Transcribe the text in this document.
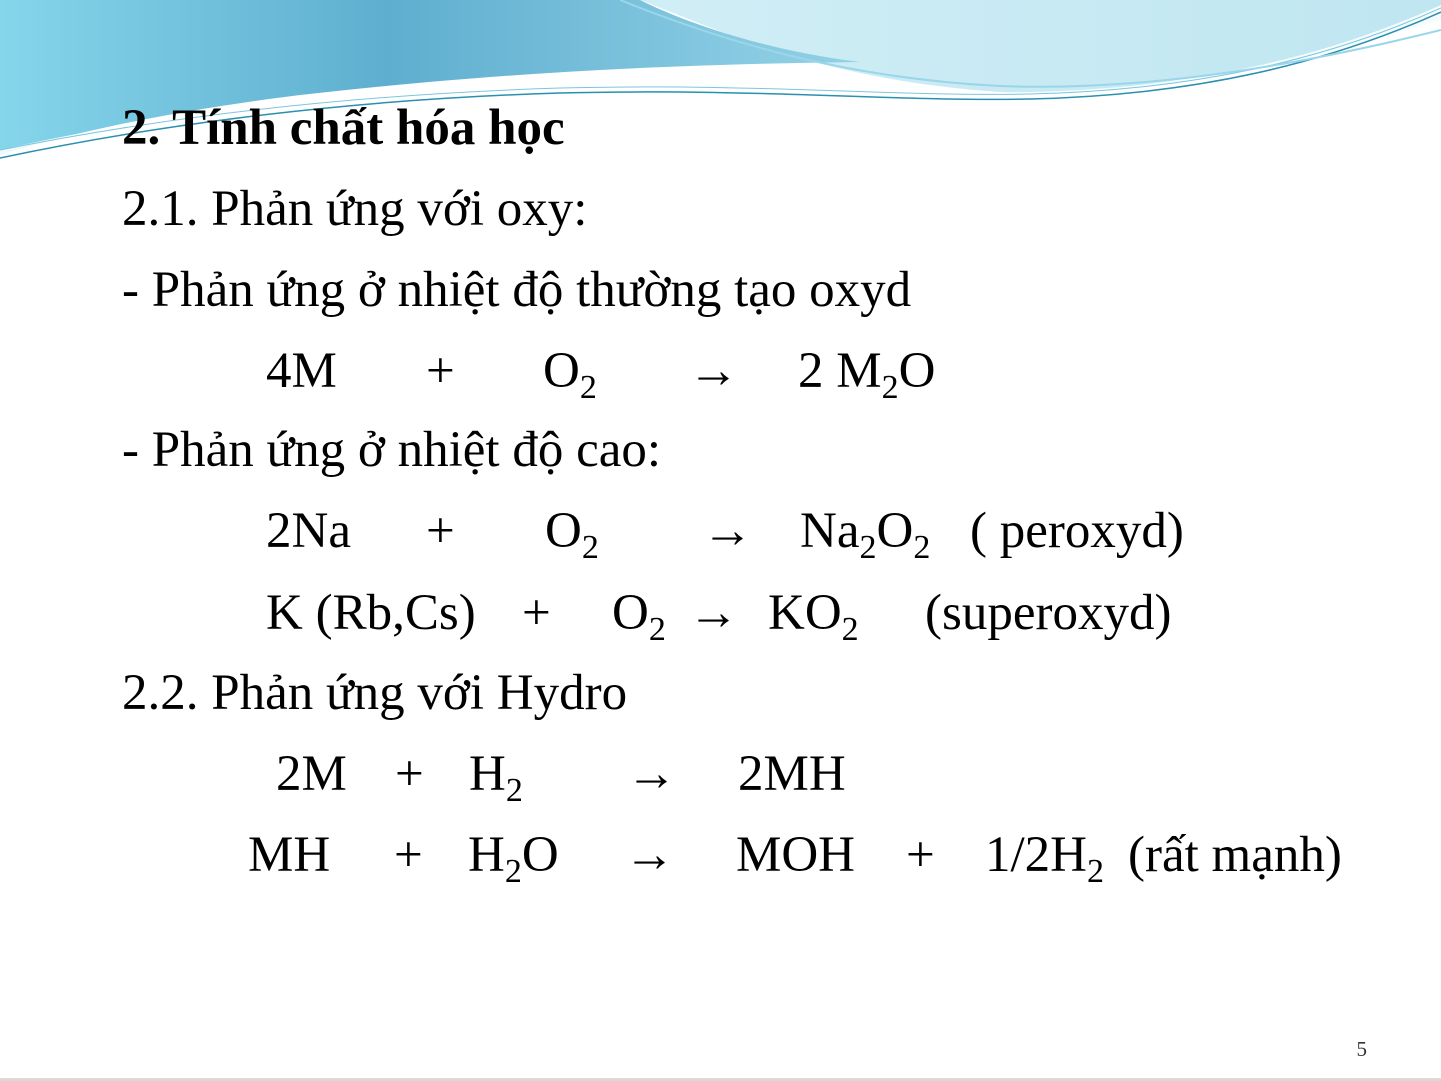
2. Tính chất hóa học
2.1. Phản ứng với oxy:
- Phản ứng ở nhiệt độ thường tạo oxyd
$4M + O_2 \to 2$ $M_2O$
- Phản ứng ở nhiệt độ cao:
$2Na + O_2 \to Na_2O_2$ ( peroxyd)
K $(Rb,Cs) + O_2 \to KO_2$ (superoxyd)
2.2. Phản ứng với Hydro
$2M + H_2 \to 2MH$
MH + $H_2O$ → MOH + $1/2H_2$ (rất mạnh)
5
